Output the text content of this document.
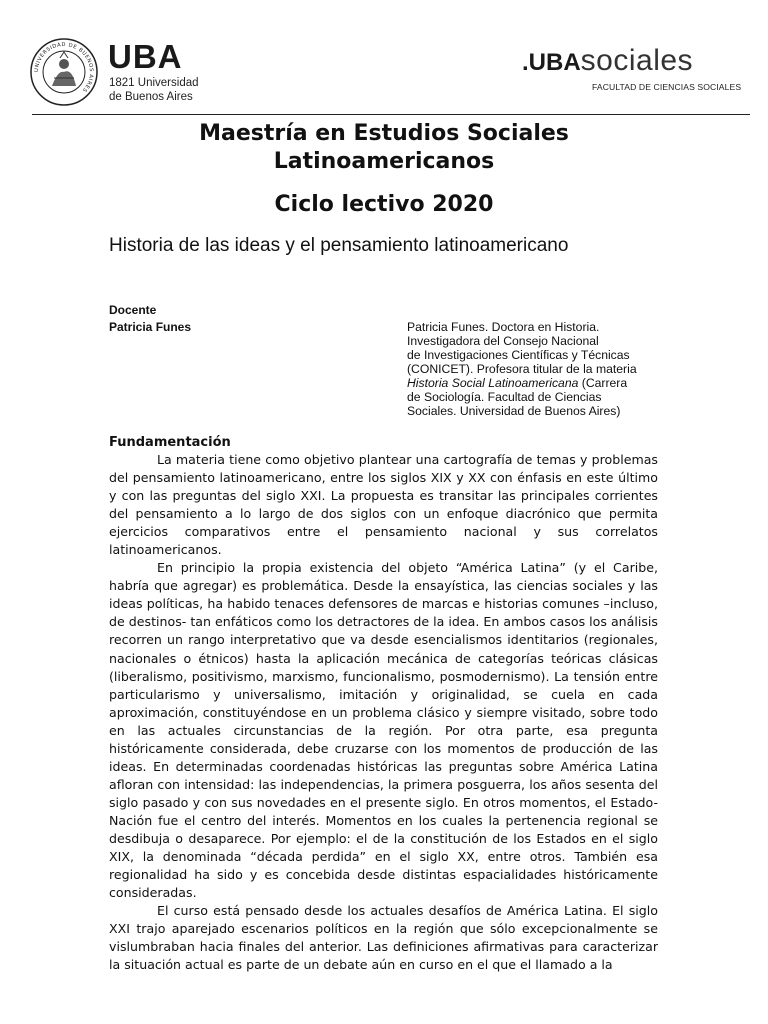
UNIVERSIDAD DE BUENOS AIRES
UBA
1821 Universidad
de Buenos Aires
.UBAsociales
FACULTAD DE CIENCIAS SOCIALES
Maestría en Estudios Sociales
Latinoamericanos
Ciclo lectivo 2020
Historia de las ideas y el pensamiento latinoamericano
Docente
Patricia Funes	Patricia Funes. Doctora en Historia.
Investigadora del Consejo Nacional
de Investigaciones Científicas y Técnicas
(CONICET). Profesora titular de la materia
Historia Social Latinoamericana (Carrera
de Sociología. Facultad de Ciencias
Sociales. Universidad de Buenos Aires)
Fundamentación

La materia tiene como objetivo plantear una cartografía de temas y problemas del pensamiento latinoamericano, entre los siglos XIX y XX con énfasis en este último y con las preguntas del siglo XXI. La propuesta es transitar las principales corrientes del pensamiento a lo largo de dos siglos con un enfoque diacrónico que permita ejercicios comparativos entre el pensamiento nacional y sus correlatos latinoamericanos.

En principio la propia existencia del objeto “América Latina” (y el Caribe, habría que agregar) es problemática. Desde la ensayística, las ciencias sociales y las ideas políticas, ha habido tenaces defensores de marcas e historias comunes –incluso, de destinos- tan enfáticos como los detractores de la idea. En ambos casos los análisis recorren un rango interpretativo que va desde esencialismos identitarios (regionales, nacionales o étnicos) hasta la aplicación mecánica de categorías teóricas clásicas (liberalismo, positivismo, marxismo, funcionalismo, posmodernismo). La tensión entre particularismo y universalismo, imitación y originalidad, se cuela en cada aproximación, constituyéndose en un problema clásico y siempre visitado, sobre todo en las actuales circunstancias de la región. Por otra parte, esa pregunta históricamente considerada, debe cruzarse con los momentos de producción de las ideas. En determinadas coordenadas históricas las preguntas sobre América Latina afloran con intensidad: las independencias, la primera posguerra, los años sesenta del siglo pasado y con sus novedades en el presente siglo. En otros momentos, el Estado-Nación fue el centro del interés. Momentos en los cuales la pertenencia regional se desdibuja o desaparece. Por ejemplo: el de la constitución de los Estados en el siglo XIX, la denominada “década perdida” en el siglo XX, entre otros. También esa regionalidad ha sido y es concebida desde distintas espacialidades históricamente consideradas.

El curso está pensado desde los actuales desafíos de América Latina. El siglo XXI trajo aparejado escenarios políticos en la región que sólo excepcionalmente se vislumbraban hacia finales del anterior. Las definiciones afirmativas para caracterizar la situación actual es parte de un debate aún en curso en el que el llamado a la
